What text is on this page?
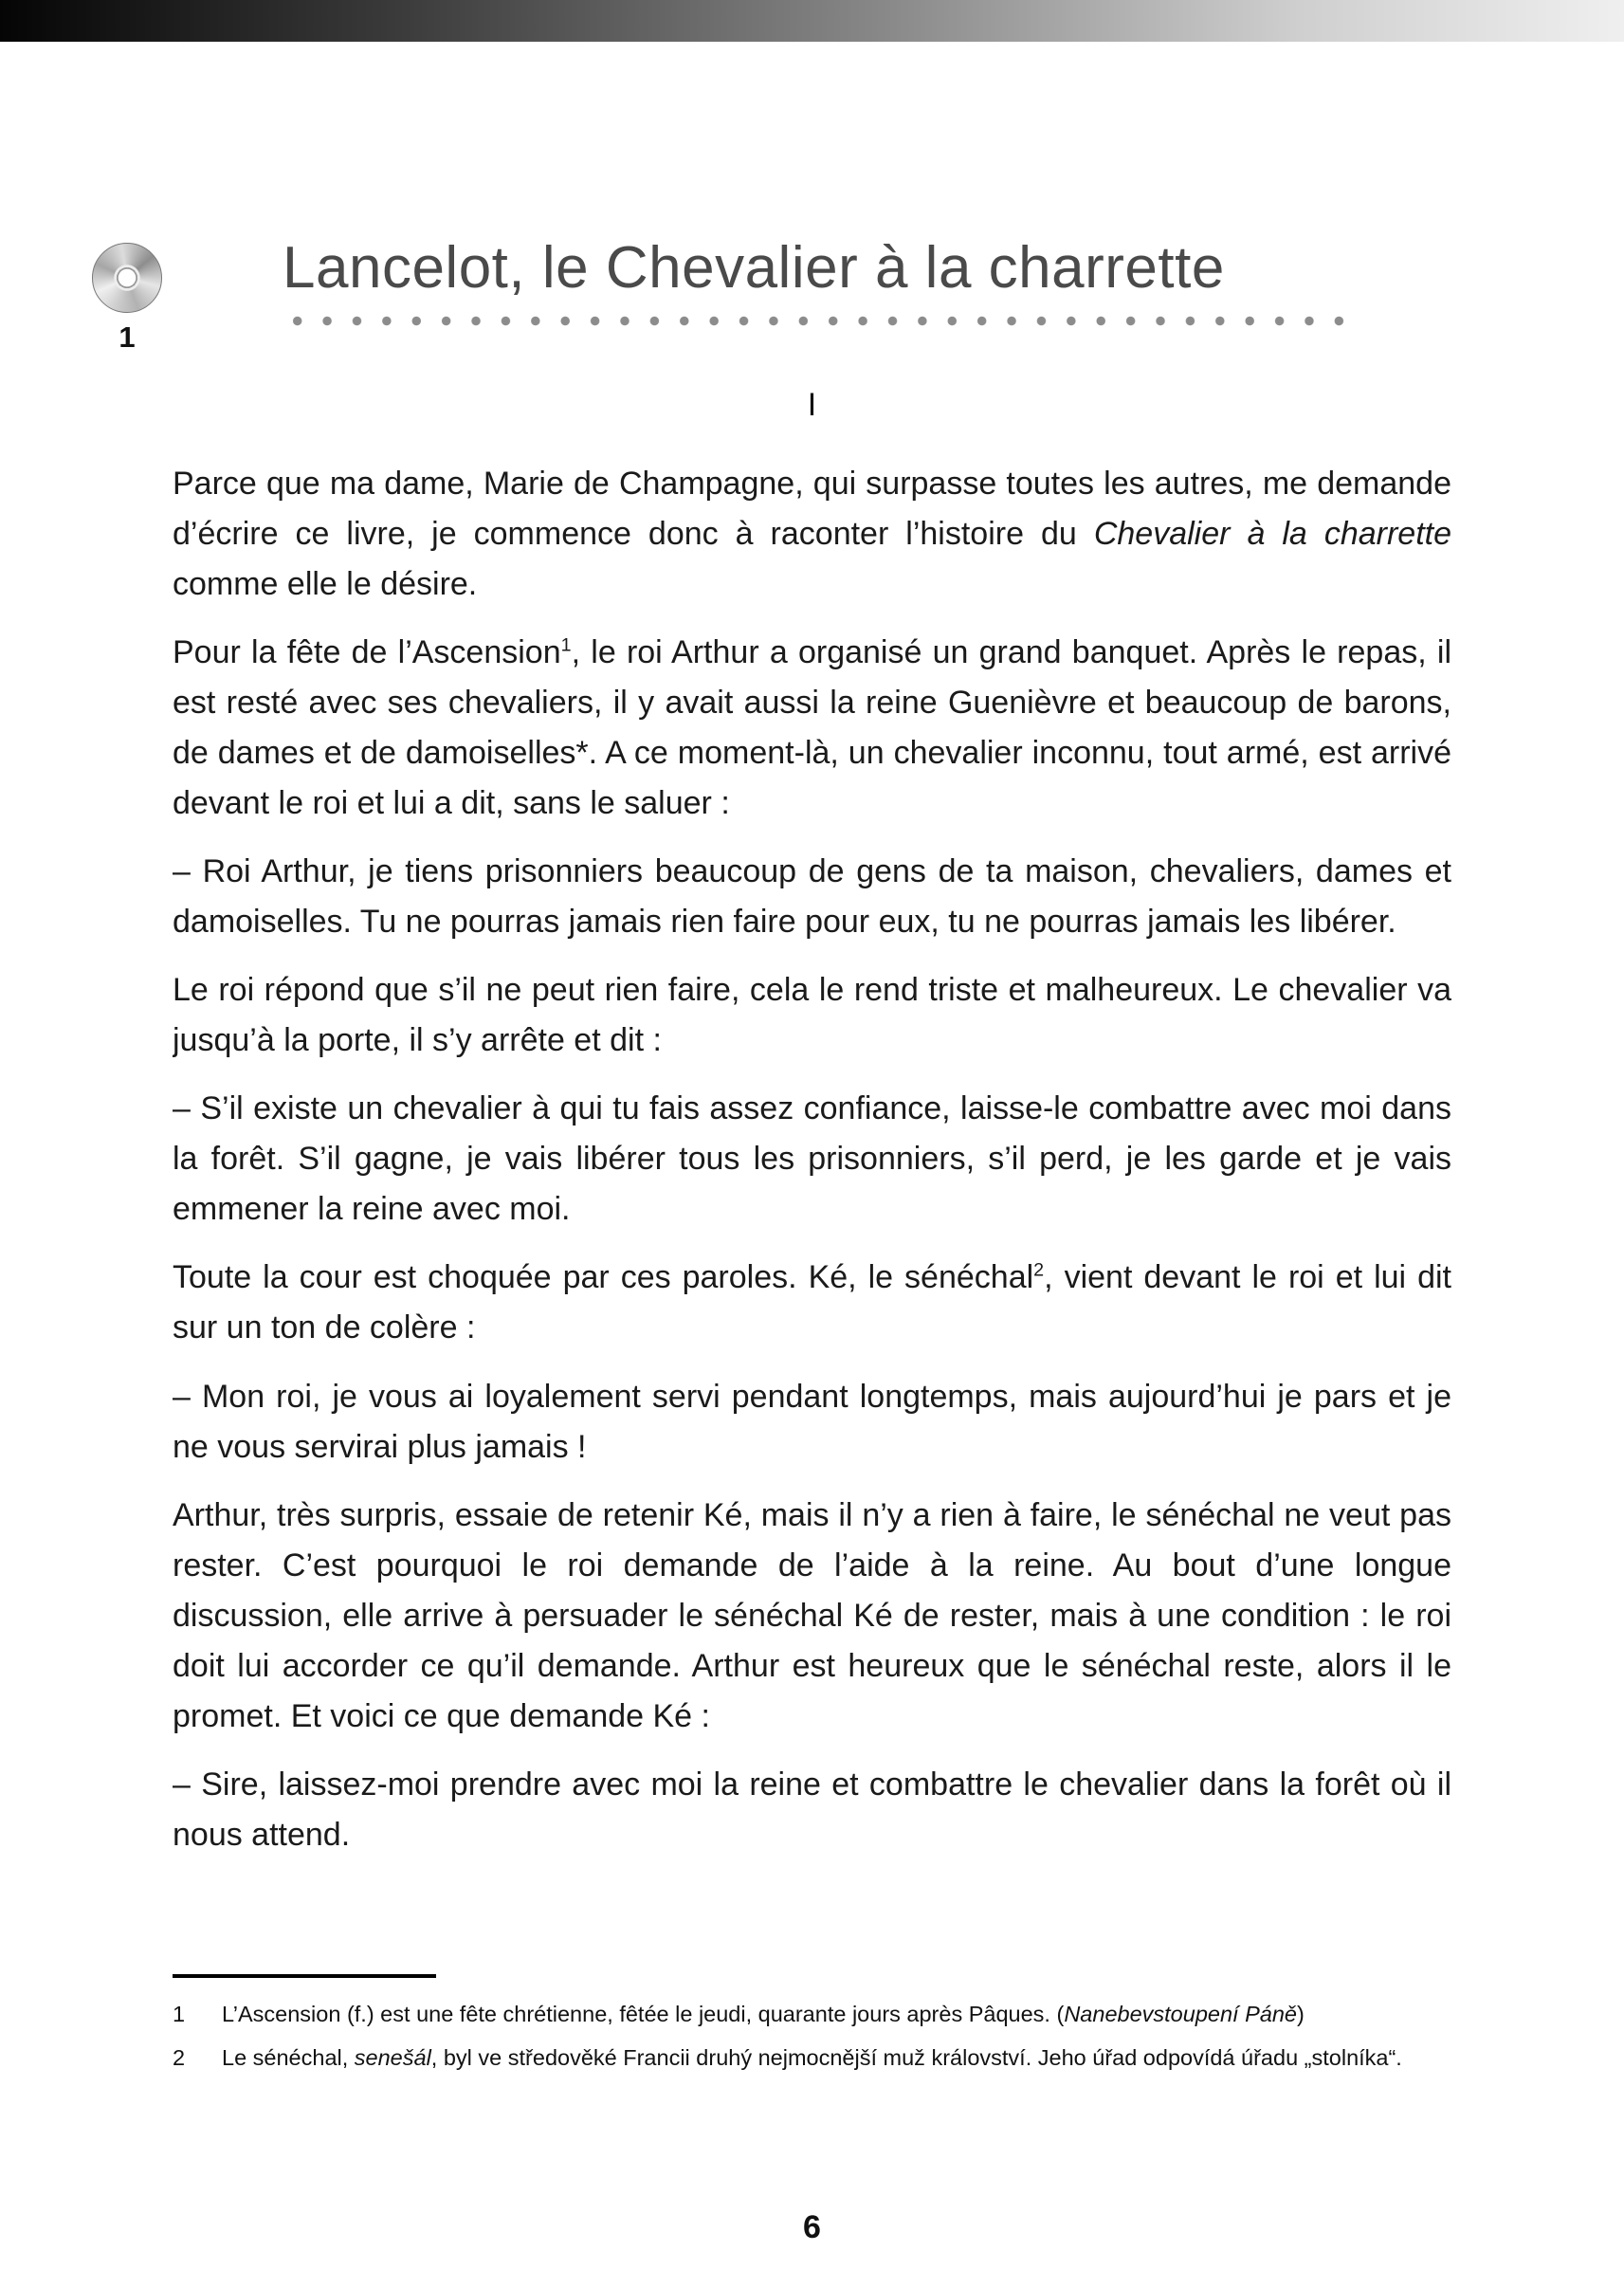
1
Lancelot, le Chevalier à la charrette
I

Parce que ma dame, Marie de Champagne, qui surpasse toutes les autres, me demande d’écrire ce livre, je commence donc à raconter l’histoire du Chevalier à la charrette comme elle le désire.

Pour la fête de l’Ascension$^1$, le roi Arthur a organisé un grand banquet. Après le repas, il est resté avec ses chevaliers, il y avait aussi la reine Guenièvre et beaucoup de barons, de dames et de damoiselles*. A ce moment-là, un chevalier inconnu, tout armé, est arrivé devant le roi et lui a dit, sans le saluer :

– Roi Arthur, je tiens prisonniers beaucoup de gens de ta maison, chevaliers, dames et damoiselles. Tu ne pourras jamais rien faire pour eux, tu ne pourras jamais les libérer.

Le roi répond que s’il ne peut rien faire, cela le rend triste et malheureux. Le chevalier va jusqu’à la porte, il s’y arrête et dit :

– S’il existe un chevalier à qui tu fais assez confiance, laisse-le combattre avec moi dans la forêt. S’il gagne, je vais libérer tous les prisonniers, s’il perd, je les garde et je vais emmener la reine avec moi.

Toute la cour est choquée par ces paroles. Ké, le sénéchal$^2$, vient devant le roi et lui dit sur un ton de colère :

– Mon roi, je vous ai loyalement servi pendant longtemps, mais aujourd’hui je pars et je ne vous servirai plus jamais !

Arthur, très surpris, essaie de retenir Ké, mais il n’y a rien à faire, le sénéchal ne veut pas rester. C’est pourquoi le roi demande de l’aide à la reine. Au bout d’une longue discussion, elle arrive à persuader le sénéchal Ké de rester, mais à une condition : le roi doit lui accorder ce qu’il demande. Arthur est heureux que le sénéchal reste, alors il le promet. Et voici ce que demande Ké :

– Sire, laissez-moi prendre avec moi la reine et combattre le chevalier dans la forêt où il nous attend.

1 L’Ascension (f.) est une fête chrétienne, fêtée le jeudi, quarante jours après Pâques. (Nanebevstoupení Páně)

2 Le sénéchal, senešál, byl ve středověké Francii druhý nejmocnější muž království. Jeho úřad odpovídá úřadu „stolníka“.

6
